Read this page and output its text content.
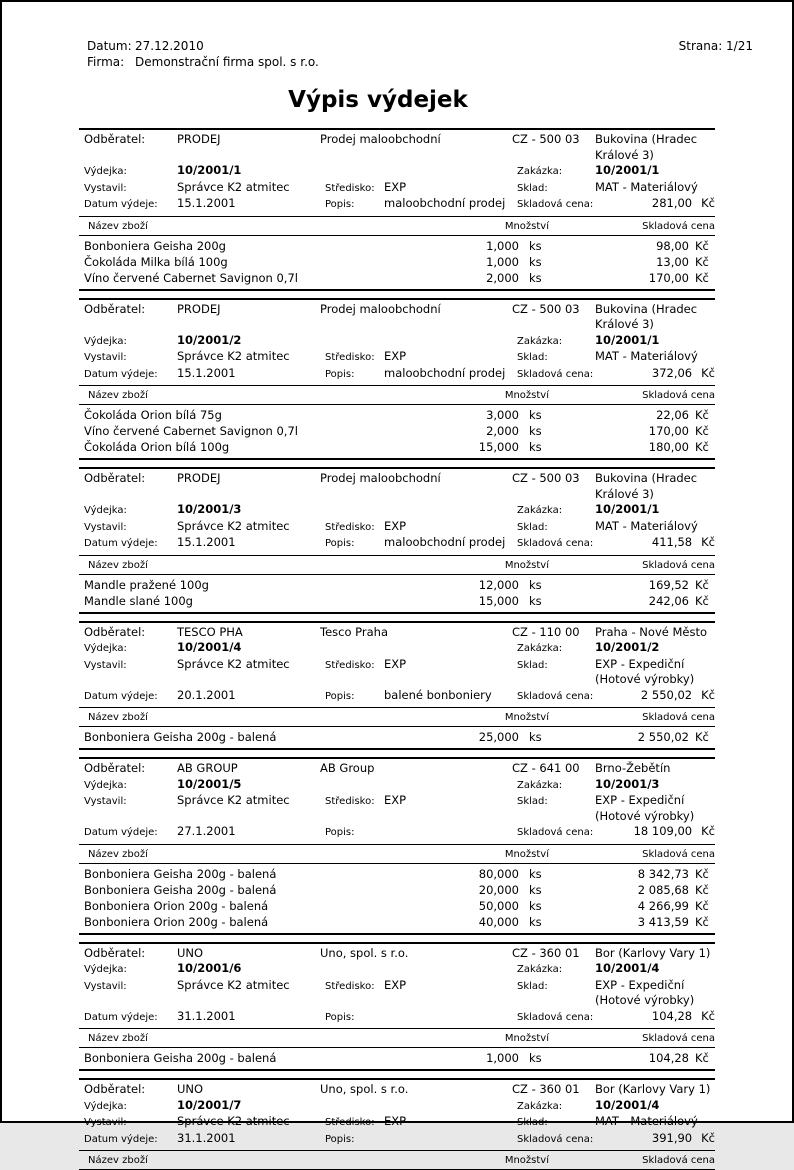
Datum: 27.12.2010
Firma: Demonstrační firma spol. s r.o.
Strana: 1/21
Výpis výdejek
Odběratel:	PRODEJ	Prodej maloobchodní	CZ - 500 03	Bukovina (Hradec Králové 3)
Výdejka:	10/2001/1	Zakázka:	10/2001/1
Vystavil:	Správce K2 atmitec	Středisko: EXP	Sklad:	MAT - Materiálový
Datum výdeje:	15.1.2001	Popis:	maloobchodní prodej	Skladová cena:	281,00 Kč
Název zboží	Množství	Skladová cena
Bonboniera Geisha 200g	1,000 ks	98,00 Kč
Čokoláda Milka bílá 100g	1,000 ks	13,00 Kč
Víno červené Cabernet Savignon 0,7l	2,000 ks	170,00 Kč
Odběratel:	PRODEJ	Prodej maloobchodní	CZ - 500 03	Bukovina (Hradec Králové 3)
Výdejka:	10/2001/2	Zakázka:	10/2001/1
Vystavil:	Správce K2 atmitec	Středisko: EXP	Sklad:	MAT - Materiálový
Datum výdeje:	15.1.2001	Popis:	maloobchodní prodej	Skladová cena:	372,06 Kč
Název zboží	Množství	Skladová cena
Čokoláda Orion bílá 75g	3,000 ks	22,06 Kč
Víno červené Cabernet Savignon 0,7l	2,000 ks	170,00 Kč
Čokoláda Orion bílá 100g	15,000 ks	180,00 Kč
Odběratel:	PRODEJ	Prodej maloobchodní	CZ - 500 03	Bukovina (Hradec Králové 3)
Výdejka:	10/2001/3	Zakázka:	10/2001/1
Vystavil:	Správce K2 atmitec	Středisko: EXP	Sklad:	MAT - Materiálový
Datum výdeje:	15.1.2001	Popis:	maloobchodní prodej	Skladová cena:	411,58 Kč
Název zboží	Množství	Skladová cena
Mandle pražené 100g	12,000 ks	169,52 Kč
Mandle slané 100g	15,000 ks	242,06 Kč
Odběratel:	TESCO PHA	Tesco Praha	CZ - 110 00	Praha - Nové Město
Výdejka:	10/2001/4	Zakázka:	10/2001/2
Vystavil:	Správce K2 atmitec	Středisko: EXP	Sklad:	EXP - Expediční (Hotové výrobky)
Datum výdeje:	20.1.2001	Popis:	balené bonboniery	Skladová cena:	2 550,02 Kč
Název zboží	Množství	Skladová cena
Bonboniera Geisha 200g - balená	25,000 ks	2 550,02 Kč
Odběratel:	AB GROUP	AB Group	CZ - 641 00	Brno-Žebětín
Výdejka:	10/2001/5	Zakázka:	10/2001/3
Vystavil:	Správce K2 atmitec	Středisko: EXP	Sklad:	EXP - Expediční (Hotové výrobky)
Datum výdeje:	27.1.2001	Popis:	Skladová cena:	18 109,00 Kč
Název zboží	Množství	Skladová cena
Bonboniera Geisha 200g - balená	80,000 ks	8 342,73 Kč
Bonboniera Geisha 200g - balená	20,000 ks	2 085,68 Kč
Bonboniera Orion 200g - balená	50,000 ks	4 266,99 Kč
Bonboniera Orion 200g - balená	40,000 ks	3 413,59 Kč
Odběratel:	UNO	Uno, spol. s r.o.	CZ - 360 01	Bor (Karlovy Vary 1)
Výdejka:	10/2001/6	Zakázka:	10/2001/4
Vystavil:	Správce K2 atmitec	Středisko: EXP	Sklad:	EXP - Expediční (Hotové výrobky)
Datum výdeje:	31.1.2001	Popis:	Skladová cena:	104,28 Kč
Název zboží	Množství	Skladová cena
Bonboniera Geisha 200g - balená	1,000 ks	104,28 Kč
Odběratel:	UNO	Uno, spol. s r.o.	CZ - 360 01	Bor (Karlovy Vary 1)
Výdejka:	10/2001/7	Zakázka:	10/2001/4
Vystavil:	Správce K2 atmitec	Středisko: EXP	Sklad:	MAT - Materiálový
Datum výdeje:	31.1.2001	Popis:	Skladová cena:	391,90 Kč
Název zboží	Množství	Skladová cena
